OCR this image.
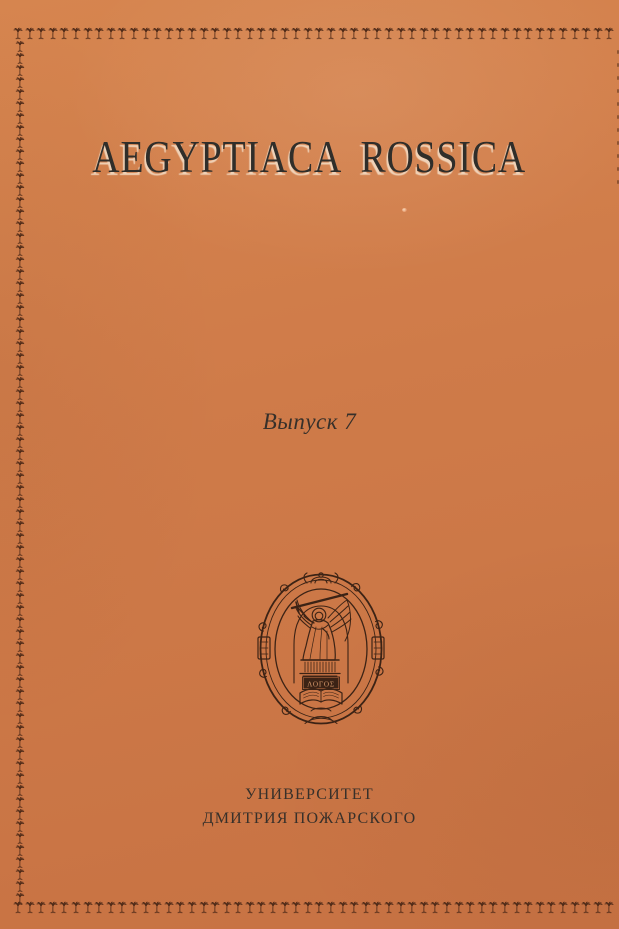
AEGYPTIACA ROSSICA
Выпуск 7
ΛΟΓΟΣ
УНИВЕРСИТЕТ
ДМИТРИЯ ПОЖАРСКОГО
